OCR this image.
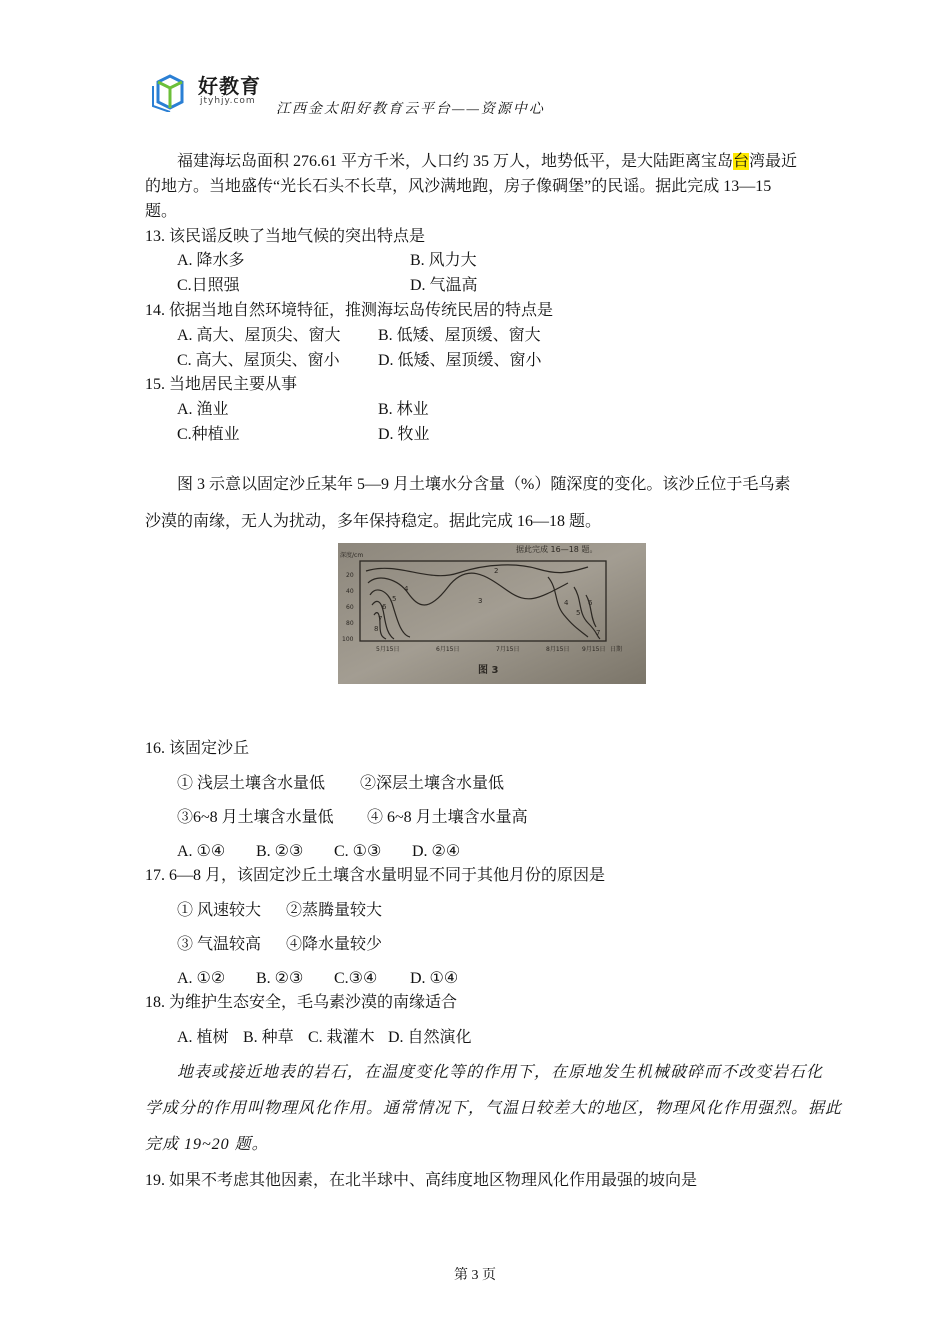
好教育
jtyhjy.com
江西金太阳好教育云平台——资源中心
福建海坛岛面积 276.61 平方千米，人口约 35 万人，地势低平，是大陆距离宝岛台湾最近
的地方。当地盛传“光长石头不长草，风沙满地跑，房子像碉堡”的民谣。据此完成 13—15
题。
13. 该民谣反映了当地气候的突出特点是
A. 降水多	B. 风力大
C.日照强	D. 气温高
14. 依据当地自然环境特征，推测海坛岛传统民居的特点是
A. 高大、屋顶尖、窗大 B. 低矮、屋顶缓、窗大
C. 高大、屋顶尖、窗小 D. 低矮、屋顶缓、窗小
15. 当地居民主要从事
A. 渔业	B. 林业
C.种植业	D. 牧业
图 3 示意以固定沙丘某年 5—9 月土壤水分含量（%）随深度的变化。该沙丘位于毛乌素
沙漠的南缘，无人为扰动，多年保持稳定。据此完成 16—18 题。
据此完成 16—18 题。
深度/cm
20
40
60
80
100
5月15日	6月15日	7月15日	8月15日 9月15日 日期
2
3
4
5
6
7
8
4
5
6
7
图 3
16. 该固定沙丘
① 浅层土壤含水量低 ②深层土壤含水量低
③6~8 月土壤含水量低 ④ 6~8 月土壤含水量高
A. ①④ B. ②③ C. ①③ D. ②④
17. 6—8 月，该固定沙丘土壤含水量明显不同于其他月份的原因是
① 风速较大 ②蒸腾量较大
③ 气温较高 ④降水量较少
A. ①② B. ②③ C.③④ D. ①④
18. 为维护生态安全，毛乌素沙漠的南缘适合
A. 植树 B. 种草 C. 栽灌木 D. 自然演化
地表或接近地表的岩石，在温度变化等的作用下，在原地发生机械破碎而不改变岩石化
学成分的作用叫物理风化作用。通常情况下，气温日较差大的地区，物理风化作用强烈。据此
完成 19~20 题。
19. 如果不考虑其他因素，在北半球中、高纬度地区物理风化作用最强的坡向是
第 3 页
